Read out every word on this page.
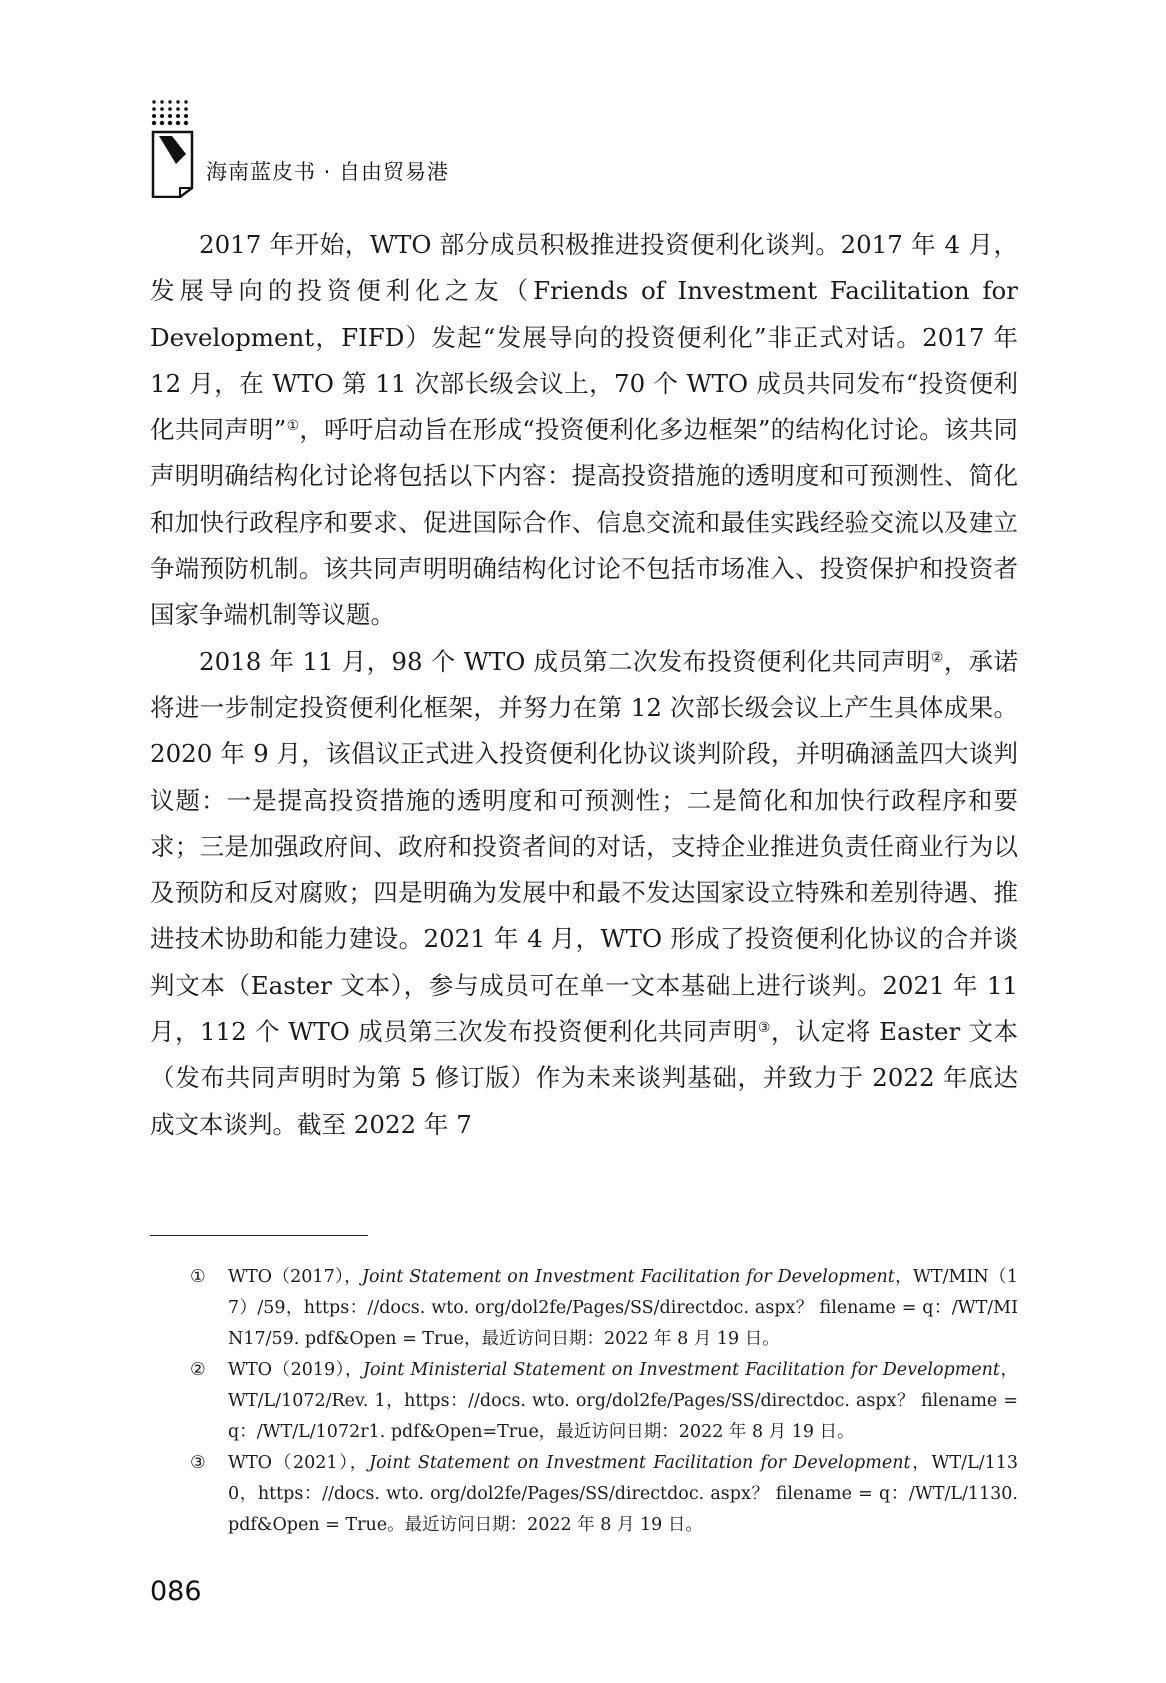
海南蓝皮书 · 自由贸易港

2017 年开始，WTO 部分成员积极推进投资便利化谈判。2017 年 4 月，发展导向的投资便利化之友（Friends of Investment Facilitation for Development，FIFD）发起“发展导向的投资便利化”非正式对话。2017 年 12 月，在 WTO 第 11 次部长级会议上，70 个 WTO 成员共同发布“投资便利化共同声明”①，呼吁启动旨在形成“投资便利化多边框架”的结构化讨论。该共同声明明确结构化讨论将包括以下内容：提高投资措施的透明度和可预测性、简化和加快行政程序和要求、促进国际合作、信息交流和最佳实践经验交流以及建立争端预防机制。该共同声明明确结构化讨论不包括市场准入、投资保护和投资者国家争端机制等议题。

2018 年 11 月，98 个 WTO 成员第二次发布投资便利化共同声明②，承诺将进一步制定投资便利化框架，并努力在第 12 次部长级会议上产生具体成果。2020 年 9 月，该倡议正式进入投资便利化协议谈判阶段，并明确涵盖四大谈判议题：一是提高投资措施的透明度和可预测性；二是简化和加快行政程序和要求；三是加强政府间、政府和投资者间的对话，支持企业推进负责任商业行为以及预防和反对腐败；四是明确为发展中和最不发达国家设立特殊和差别待遇、推进技术协助和能力建设。2021 年 4 月，WTO 形成了投资便利化协议的合并谈判文本（Easter 文本），参与成员可在单一文本基础上进行谈判。2021 年 11 月，112 个 WTO 成员第三次发布投资便利化共同声明③，认定将 Easter 文本（发布共同声明时为第 5 修订版）作为未来谈判基础，并致力于 2022 年底达成文本谈判。截至 2022 年 7

① WTO（2017），Joint Statement on Investment Facilitation for Development，WT/MIN（17）/59，https：//docs. wto. org/dol2fe/Pages/SS/directdoc. aspx？ filename = q：/WT/MIN17/59. pdf&Open = True，最近访问日期：2022 年 8 月 19 日。
② WTO（2019），Joint Ministerial Statement on Investment Facilitation for Development，WT/L/1072/Rev. 1，https：//docs. wto. org/dol2fe/Pages/SS/directdoc. aspx？ filename = q：/WT/L/1072r1. pdf&Open=True，最近访问日期：2022 年 8 月 19 日。
③ WTO（2021），Joint Statement on Investment Facilitation for Development，WT/L/1130，https：//docs. wto. org/dol2fe/Pages/SS/directdoc. aspx？ filename = q：/WT/L/1130. pdf&Open = True。最近访问日期：2022 年 8 月 19 日。
086
